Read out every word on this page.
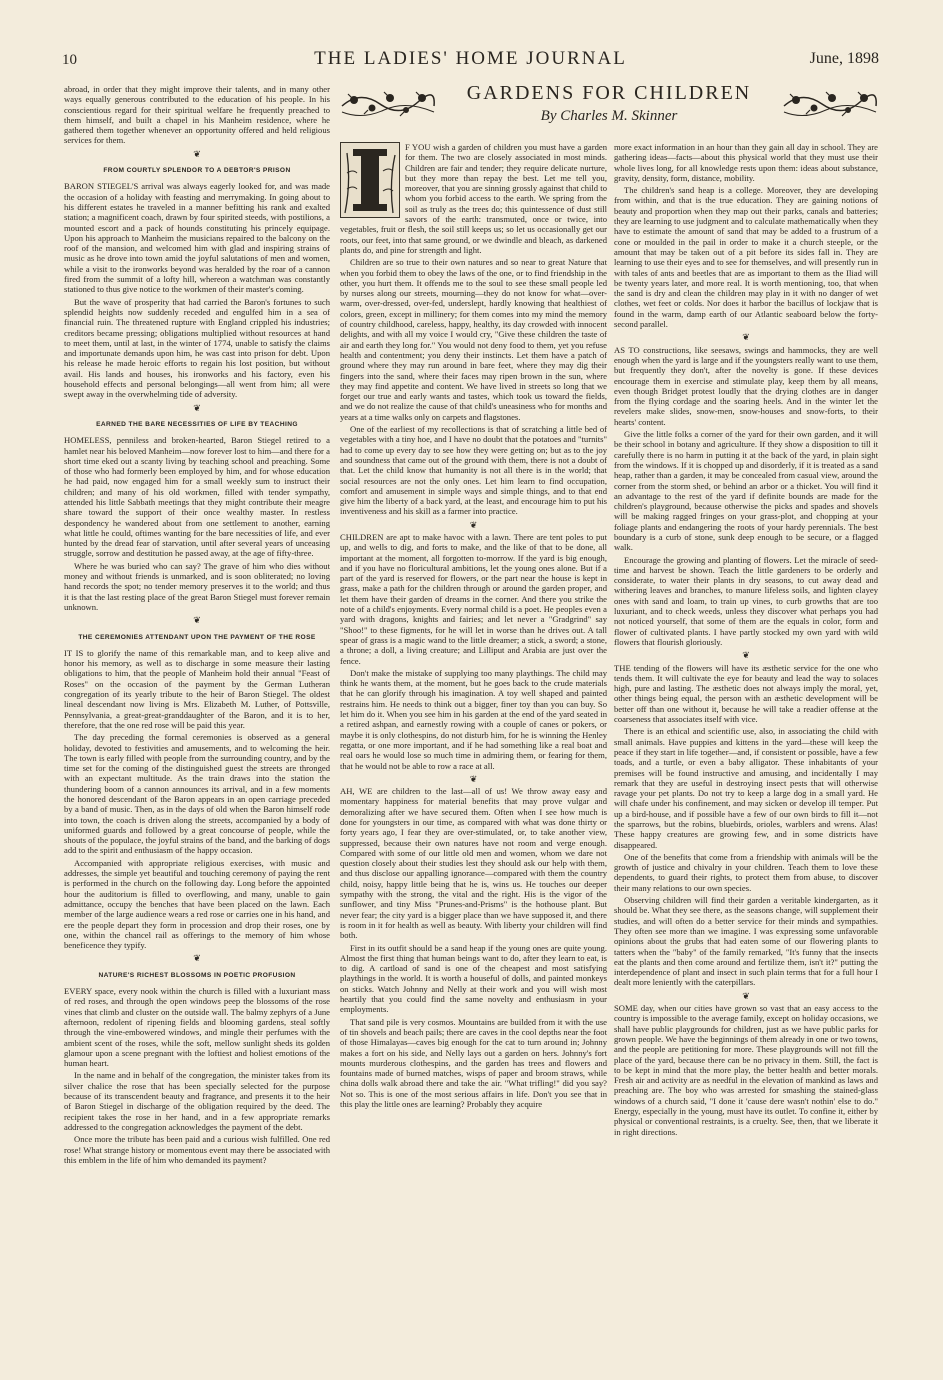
10	THE LADIES' HOME JOURNAL	June, 1898

abroad, in order that they might improve their talents, and in many other ways equally generous contributed to the education of his people. In his conscientious regard for their spiritual welfare he frequently preached to them himself, and built a chapel in his Manheim residence, where he gathered them together whenever an opportunity offered and held religious services for them.

❦
FROM COURTLY SPLENDOR TO A DEBTOR'S PRISON

BARON STIEGEL'S arrival was always eagerly looked for, and was made the occasion of a holiday with feasting and merrymaking. In going about to his different estates he traveled in a manner befitting his rank and exalted station; a magnificent coach, drawn by four spirited steeds, with postilions, a mounted escort and a pack of hounds constituting his princely equipage. Upon his approach to Manheim the musicians repaired to the balcony on the roof of the mansion, and welcomed him with glad and inspiring strains of music as he drove into town amid the joyful salutations of men and women, while a visit to the ironworks beyond was heralded by the roar of a cannon fired from the summit of a lofty hill, whereon a watchman was constantly stationed to thus give notice to the workmen of their master's coming.

But the wave of prosperity that had carried the Baron's fortunes to such splendid heights now suddenly receded and engulfed him in a sea of financial ruin. The threatened rupture with England crippled his industries; creditors became pressing; obligations multiplied without resources at hand to meet them, until at last, in the winter of 1774, unable to satisfy the claims and importunate demands upon him, he was cast into prison for debt. Upon his release he made heroic efforts to regain his lost position, but without avail. His lands and houses, his ironworks and his factory, even his household effects and personal belongings—all went from him; all were swept away in the overwhelming tide of adversity.

❦
EARNED THE BARE NECESSITIES OF LIFE BY TEACHING

HOMELESS, penniless and broken-hearted, Baron Stiegel retired to a hamlet near his beloved Manheim—now forever lost to him—and there for a short time eked out a scanty living by teaching school and preaching. Some of those who had formerly been employed by him, and for whose education he had paid, now engaged him for a small weekly sum to instruct their children; and many of his old workmen, filled with tender sympathy, attended his little Sabbath meetings that they might contribute their meagre share toward the support of their once wealthy master. In restless despondency he wandered about from one settlement to another, earning what little he could, oftimes wanting for the bare necessities of life, and ever hunted by the dread fear of starvation, until after several years of unceasing struggle, sorrow and destitution he passed away, at the age of fifty-three.

Where he was buried who can say? The grave of him who dies without money and without friends is unmarked, and is soon obliterated; no loving hand records the spot; no tender memory preserves it to the world; and thus it is that the last resting place of the great Baron Stiegel must forever remain unknown.

❦
THE CEREMONIES ATTENDANT UPON THE PAYMENT OF THE ROSE

IT IS to glorify the name of this remarkable man, and to keep alive and honor his memory, as well as to discharge in some measure their lasting obligations to him, that the people of Manheim hold their annual "Feast of Roses" on the occasion of the payment by the German Lutheran congregation of its yearly tribute to the heir of Baron Stiegel. The oldest lineal descendant now living is Mrs. Elizabeth M. Luther, of Pottsville, Pennsylvania, a great-great-granddaughter of the Baron, and it is to her, therefore, that the one red rose will be paid this year.

The day preceding the formal ceremonies is observed as a general holiday, devoted to festivities and amusements, and to welcoming the heir. The town is early filled with people from the surrounding country, and by the time set for the coming of the distinguished guest the streets are thronged with an expectant multitude. As the train draws into the station the thundering boom of a cannon announces its arrival, and in a few moments the honored descendant of the Baron appears in an open carriage preceded by a band of music. Then, as in the days of old when the Baron himself rode into town, the coach is driven along the streets, accompanied by a body of uniformed guards and followed by a great concourse of people, while the shouts of the populace, the joyful strains of the band, and the barking of dogs add to the spirit and enthusiasm of the happy occasion.

Accompanied with appropriate religious exercises, with music and addresses, the simple yet beautiful and touching ceremony of paying the rent is performed in the church on the following day. Long before the appointed hour the auditorium is filled to overflowing, and many, unable to gain admittance, occupy the benches that have been placed on the lawn. Each member of the large audience wears a red rose or carries one in his hand, and ere the people depart they form in procession and drop their roses, one by one, within the chancel rail as offerings to the memory of him whose beneficence they typify.

❦
NATURE'S RICHEST BLOSSOMS IN POETIC PROFUSION

EVERY space, every nook within the church is filled with a luxuriant mass of red roses, and through the open windows peep the blossoms of the rose vines that climb and cluster on the outside wall. The balmy zephyrs of a June afternoon, redolent of ripening fields and blooming gardens, steal softly through the vine-embowered windows, and mingle their perfumes with the ambient scent of the roses, while the soft, mellow sunlight sheds its golden glamour upon a scene pregnant with the loftiest and holiest emotions of the human heart.

In the name and in behalf of the congregation, the minister takes from its silver chalice the rose that has been specially selected for the purpose because of its transcendent beauty and fragrance, and presents it to the heir of Baron Stiegel in discharge of the obligation required by the deed. The recipient takes the rose in her hand, and in a few appropriate remarks addressed to the congregation acknowledges the payment of the debt.

Once more the tribute has been paid and a curious wish fulfilled. One red rose! What strange history or momentous event may there be associated with this emblem in the life of him who demanded its payment?

GARDENS FOR CHILDREN
By Charles M. Skinner

F YOU wish a garden of children you must have a garden for them. The two are closely associated in most minds. Children are fair and tender; they require delicate nurture, but they more than repay the best. Let me tell you, moreover, that you are sinning grossly against that child to whom you forbid access to the earth. We spring from the soil as truly as the trees do; this quintessence of dust still savors of the earth: transmuted, once or twice, into vegetables, fruit or flesh, the soil still keeps us; so let us occasionally get our roots, our feet, into that same ground, or we dwindle and bleach, as darkened plants do, and pine for strength and light.

Children are so true to their own natures and so near to great Nature that when you forbid them to obey the laws of the one, or to find friendship in the other, you hurt them. It offends me to the soul to see these small people led by nurses along our streets, mourning—they do not know for what—over-warm, over-dressed, over-fed, underslept, hardly knowing that healthiest of colors, green, except in millinery; for them comes into my mind the memory of country childhood, careless, happy, healthy, its day crowded with innocent delights, and with all my voice I would cry, "Give these children the taste of air and earth they long for." You would not deny food to them, yet you refuse health and contentment; you deny their instincts. Let them have a patch of ground where they may run around in bare feet, where they may dig their fingers into the sand, where their faces may ripen brown in the sun, where they may find appetite and content. We have lived in streets so long that we forget our true and early wants and tastes, which took us toward the fields, and we do not realize the cause of that child's uneasiness who for months and years at a time walks only on carpets and flagstones.

One of the earliest of my recollections is that of scratching a little bed of vegetables with a tiny hoe, and I have no doubt that the potatoes and "turnits" had to come up every day to see how they were getting on; but as to the joy and soundness that came out of the ground with them, there is not a doubt of that. Let the child know that humanity is not all there is in the world; that social resources are not the only ones. Let him learn to find occupation, comfort and amusement in simple ways and simple things, and to that end give him the liberty of a back yard, at the least, and encourage him to put his inventiveness and his skill as a farmer into practice.

❦

CHILDREN are apt to make havoc with a lawn. There are tent poles to put up, and wells to dig, and forts to make, and the like of that to be done, all important at the moment, all forgotten to-morrow. If the yard is big enough, and if you have no floricultural ambitions, let the young ones alone. But if a part of the yard is reserved for flowers, or the part near the house is kept in grass, make a path for the children through or around the garden proper, and let them have their garden of dreams in the corner. And there you strike the note of a child's enjoyments. Every normal child is a poet. He peoples even a yard with dragons, knights and fairies; and let never a "Gradgrind" say "Shoo!" to these figments, for he will let in worse than he drives out. A tall spear of grass is a magic wand to the little dreamer; a stick, a sword; a stone, a throne; a doll, a living creature; and Lilliput and Arabia are just over the fence.

Don't make the mistake of supplying too many playthings. The child may think he wants them, at the moment, but he goes back to the crude materials that he can glorify through his imagination. A toy well shaped and painted restrains him. He needs to think out a bigger, finer toy than you can buy. So let him do it. When you see him in his garden at the end of the yard seated in a retired ashpan, and earnestly rowing with a couple of canes or pokers, or maybe it is only clothespins, do not disturb him, for he is winning the Henley regatta, or one more important, and if he had something like a real boat and real oars he would lose so much time in admiring them, or fearing for them, that he would not be able to row a race at all.

❦

AH, WE are children to the last—all of us! We throw away easy and momentary happiness for material benefits that may prove vulgar and demoralizing after we have secured them. Often when I see how much is done for youngsters in our time, as compared with what was done thirty or forty years ago, I fear they are over-stimulated, or, to take another view, suppressed, because their own natures have not room and verge enough. Compared with some of our little old men and women, whom we dare not question closely about their studies lest they should ask our help with them, and thus disclose our appalling ignorance—compared with them the country child, noisy, happy little being that he is, wins us. He touches our deeper sympathy with the strong, the vital and the right. His is the vigor of the sunflower, and tiny Miss "Prunes-and-Prisms" is the hothouse plant. But never fear; the city yard is a bigger place than we have supposed it, and there is room in it for health as well as beauty. With liberty your children will find both.

First in its outfit should be a sand heap if the young ones are quite young. Almost the first thing that human beings want to do, after they learn to eat, is to dig. A cartload of sand is one of the cheapest and most satisfying playthings in the world. It is worth a houseful of dolls, and painted monkeys on sticks. Watch Johnny and Nelly at their work and you will wish most heartily that you could find the same novelty and enthusiasm in your employments.

That sand pile is very cosmos. Mountains are builded from it with the use of tin shovels and beach pails; there are caves in the cool depths near the foot of those Himalayas—caves big enough for the cat to turn around in; Johnny makes a fort on his side, and Nelly lays out a garden on hers. Johnny's fort mounts murderous clothespins, and the garden has trees and flowers and fountains made of burned matches, wisps of paper and broom straws, while china dolls walk abroad there and take the air. "What trifling!" did you say? Not so. This is one of the most serious affairs in life. Don't you see that in this play the little ones are learning? Probably they acquire

more exact information in an hour than they gain all day in school. They are gathering ideas—facts—about this physical world that they must use their whole lives long, for all knowledge rests upon them: ideas about substance, gravity, density, form, distance, mobility.

The children's sand heap is a college. Moreover, they are developing from within, and that is the true education. They are gaining notions of beauty and proportion when they map out their parks, canals and batteries; they are learning to use judgment and to calculate mathematically when they have to estimate the amount of sand that may be added to a frustrum of a cone or moulded in the pail in order to make it a church steeple, or the amount that may be taken out of a pit before its sides fall in. They are learning to use their eyes and to see for themselves, and will presently run in with tales of ants and beetles that are as important to them as the Iliad will be twenty years later, and more real. It is worth mentioning, too, that when the sand is dry and clean the children may play in it with no danger of wet clothes, wet feet or colds. Nor does it harbor the bacillus of lockjaw that is found in the warm, damp earth of our Atlantic seaboard below the forty-second parallel.

❦

AS TO constructions, like seesaws, swings and hammocks, they are well enough when the yard is large and if the youngsters really want to use them, but frequently they don't, after the novelty is gone. If these devices encourage them in exercise and stimulate play, keep them by all means, even though Bridget protest loudly that the drying clothes are in danger from the flying cordage and the soaring heels. And in the winter let the revelers make slides, snow-men, snow-houses and snow-forts, to their hearts' content.

Give the little folks a corner of the yard for their own garden, and it will be their school in botany and agriculture. If they show a disposition to till it carefully there is no harm in putting it at the back of the yard, in plain sight from the windows. If it is chopped up and disorderly, if it is treated as a sand heap, rather than a garden, it may be concealed from casual view, around the corner from the storm shed, or behind an arbor or a thicket. You will find it an advantage to the rest of the yard if definite bounds are made for the children's playground, because otherwise the picks and spades and shovels will be making ragged fringes on your grass-plot, and chopping at your foliage plants and endangering the roots of your hardy perennials. The best boundary is a curb of stone, sunk deep enough to be secure, or a flagged walk.

Encourage the growing and planting of flowers. Let the miracle of seed-time and harvest be shown. Teach the little gardeners to be orderly and considerate, to water their plants in dry seasons, to cut away dead and withering leaves and branches, to manure lifeless soils, and lighten clayey ones with sand and loam, to train up vines, to curb growths that are too luxuriant, and to check weeds, unless they discover what perhaps you had not noticed yourself, that some of them are the equals in color, form and flower of cultivated plants. I have partly stocked my own yard with wild flowers that flourish gloriously.

❦

THE tending of the flowers will have its æsthetic service for the one who tends them. It will cultivate the eye for beauty and lead the way to solaces high, pure and lasting. The æsthetic does not always imply the moral, yet, other things being equal, the person with an æsthetic development will be better off than one without it, because he will take a readier offense at the coarseness that associates itself with vice.

There is an ethical and scientific use, also, in associating the child with small animals. Have puppies and kittens in the yard—these will keep the peace if they start in life together—and, if consistent or possible, have a few toads, and a turtle, or even a baby alligator. These inhabitants of your premises will be found instructive and amusing, and incidentally I may remark that they are useful in destroying insect pests that will otherwise ravage your pet plants. Do not try to keep a large dog in a small yard. He will chafe under his confinement, and may sicken or develop ill temper. Put up a bird-house, and if possible have a few of our own birds to fill it—not the sparrows, but the robins, bluebirds, orioles, warblers and wrens. Alas! These happy creatures are growing few, and in some districts have disappeared.

One of the benefits that come from a friendship with animals will be the growth of justice and chivalry in your children. Teach them to love these dependents, to guard their rights, to protect them from abuse, to discover their many relations to our own species.

Observing children will find their garden a veritable kindergarten, as it should be. What they see there, as the seasons change, will supplement their studies, and will often do a better service for their minds and sympathies. They often see more than we imagine. I was expressing some unfavorable opinions about the grubs that had eaten some of our flowering plants to tatters when the "baby" of the family remarked, "It's funny that the insects eat the plants and then come around and fertilize them, isn't it?" putting the interdependence of plant and insect in such plain terms that for a full hour I dealt more leniently with the caterpillars.

❦

SOME day, when our cities have grown so vast that an easy access to the country is impossible to the average family, except on holiday occasions, we shall have public playgrounds for children, just as we have public parks for grown people. We have the beginnings of them already in one or two towns, and the people are petitioning for more. These playgrounds will not fill the place of the yard, because there can be no privacy in them. Still, the fact is to be kept in mind that the more play, the better health and better morals. Fresh air and activity are as needful in the elevation of mankind as laws and preaching are. The boy who was arrested for smashing the stained-glass windows of a church said, "I done it 'cause dere wasn't nothin' else to do." Energy, especially in the young, must have its outlet. To confine it, either by physical or conventional restraints, is a cruelty. See, then, that we liberate it in right directions.
